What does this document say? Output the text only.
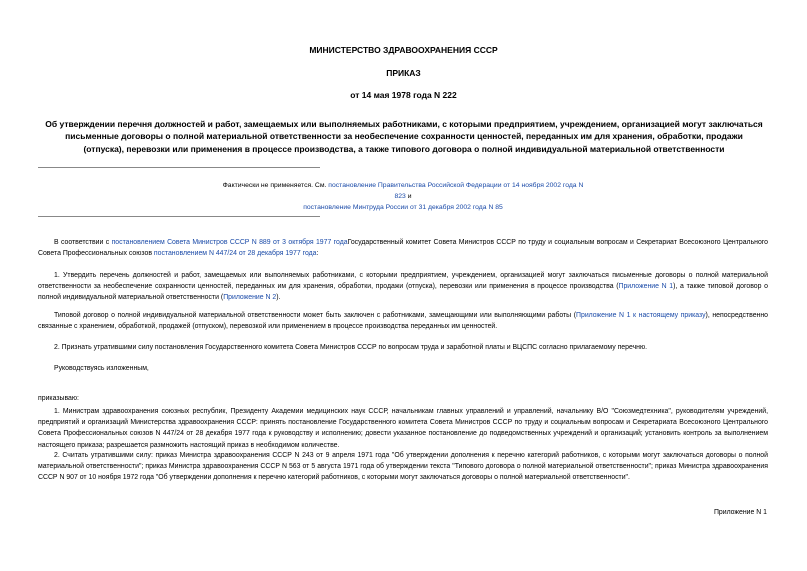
МИНИСТЕРСТВО ЗДРАВООХРАНЕНИЯ СССР
ПРИКАЗ
от 14 мая 1978 года N 222
Об утверждении перечня должностей и работ, замещаемых или выполняемых работниками, с которыми предприятием, учреждением, организацией могут заключаться письменные договоры о полной материальной ответственности за необеспечение сохранности ценностей, переданных им для хранения, обработки, продажи (отпуска), перевозки или применения в процессе производства, а также типового договора о полной индивидуальной материальной ответственности
Фактически не применяется. См. постановление Правительства Российской Федерации от 14 ноября 2002 года N 823 и
постановление Минтруда России от 31 декабря 2002 года N 85
В соответствии с постановлением Совета Министров СССР N 889 от 3 октября 1977 годаГосударственный комитет Совета Министров СССР по труду и социальным вопросам и Секретариат Всесоюзного Центрального Совета Профессиональных союзов постановлением N 447/24 от 28 декабря 1977 года:
1. Утвердить перечень должностей и работ, замещаемых или выполняемых работниками, с которыми предприятием, учреждением, организацией могут заключаться письменные договоры о полной материальной ответственности за необеспечение сохранности ценностей, переданных им для хранения, обработки, продажи (отпуска), перевозки или применения в процессе производства (Приложение N 1), а также типовой договор о полной индивидуальной материальной ответственности (Приложение N 2).
Типовой договор о полной индивидуальной материальной ответственности может быть заключен с работниками, замещающими или выполняющими работы (Приложение N 1 к настоящему приказу), непосредственно связанные с хранением, обработкой, продажей (отпуском), перевозкой или применением в процессе производства переданных им ценностей.
2. Признать утратившими силу постановления Государственного комитета Совета Министров СССР по вопросам труда и заработной платы и ВЦСПС согласно прилагаемому перечню.
Руководствуясь изложенным,
приказываю:
1. Министрам здравоохранения союзных республик, Президенту Академии медицинских наук СССР, начальникам главных управлений и управлений, начальнику В/О "Союзмедтехника", руководителям учреждений, предприятий и организаций Министерства здравоохранения СССР: принять постановление Государственного комитета Совета Министров СССР по труду и социальным вопросам и Секретариата Всесоюзного Центрального Совета Профессиональных союзов N 447/24 от 28 декабря 1977 года к руководству и исполнению; довести указанное постановление до подведомственных учреждений и организаций; установить контроль за выполнением настоящего приказа; разрешается размножить настоящий приказ в необходимом количестве.
2. Считать утратившими силу: приказ Министра здравоохранения СССР N 243 от 9 апреля 1971 года "Об утверждении дополнения к перечню категорий работников, с которыми могут заключаться договоры о полной материальной ответственности"; приказ Министра здравоохранения СССР N 563 от 5 августа 1971 года об утверждении текста "Типового договора о полной материальной ответственности"; приказ Министра здравоохранения СССР N 907 от 10 ноября 1972 года "Об утверждении дополнения к перечню категорий работников, с которыми могут заключаться договоры о полной материальной ответственности".
Приложение N 1
